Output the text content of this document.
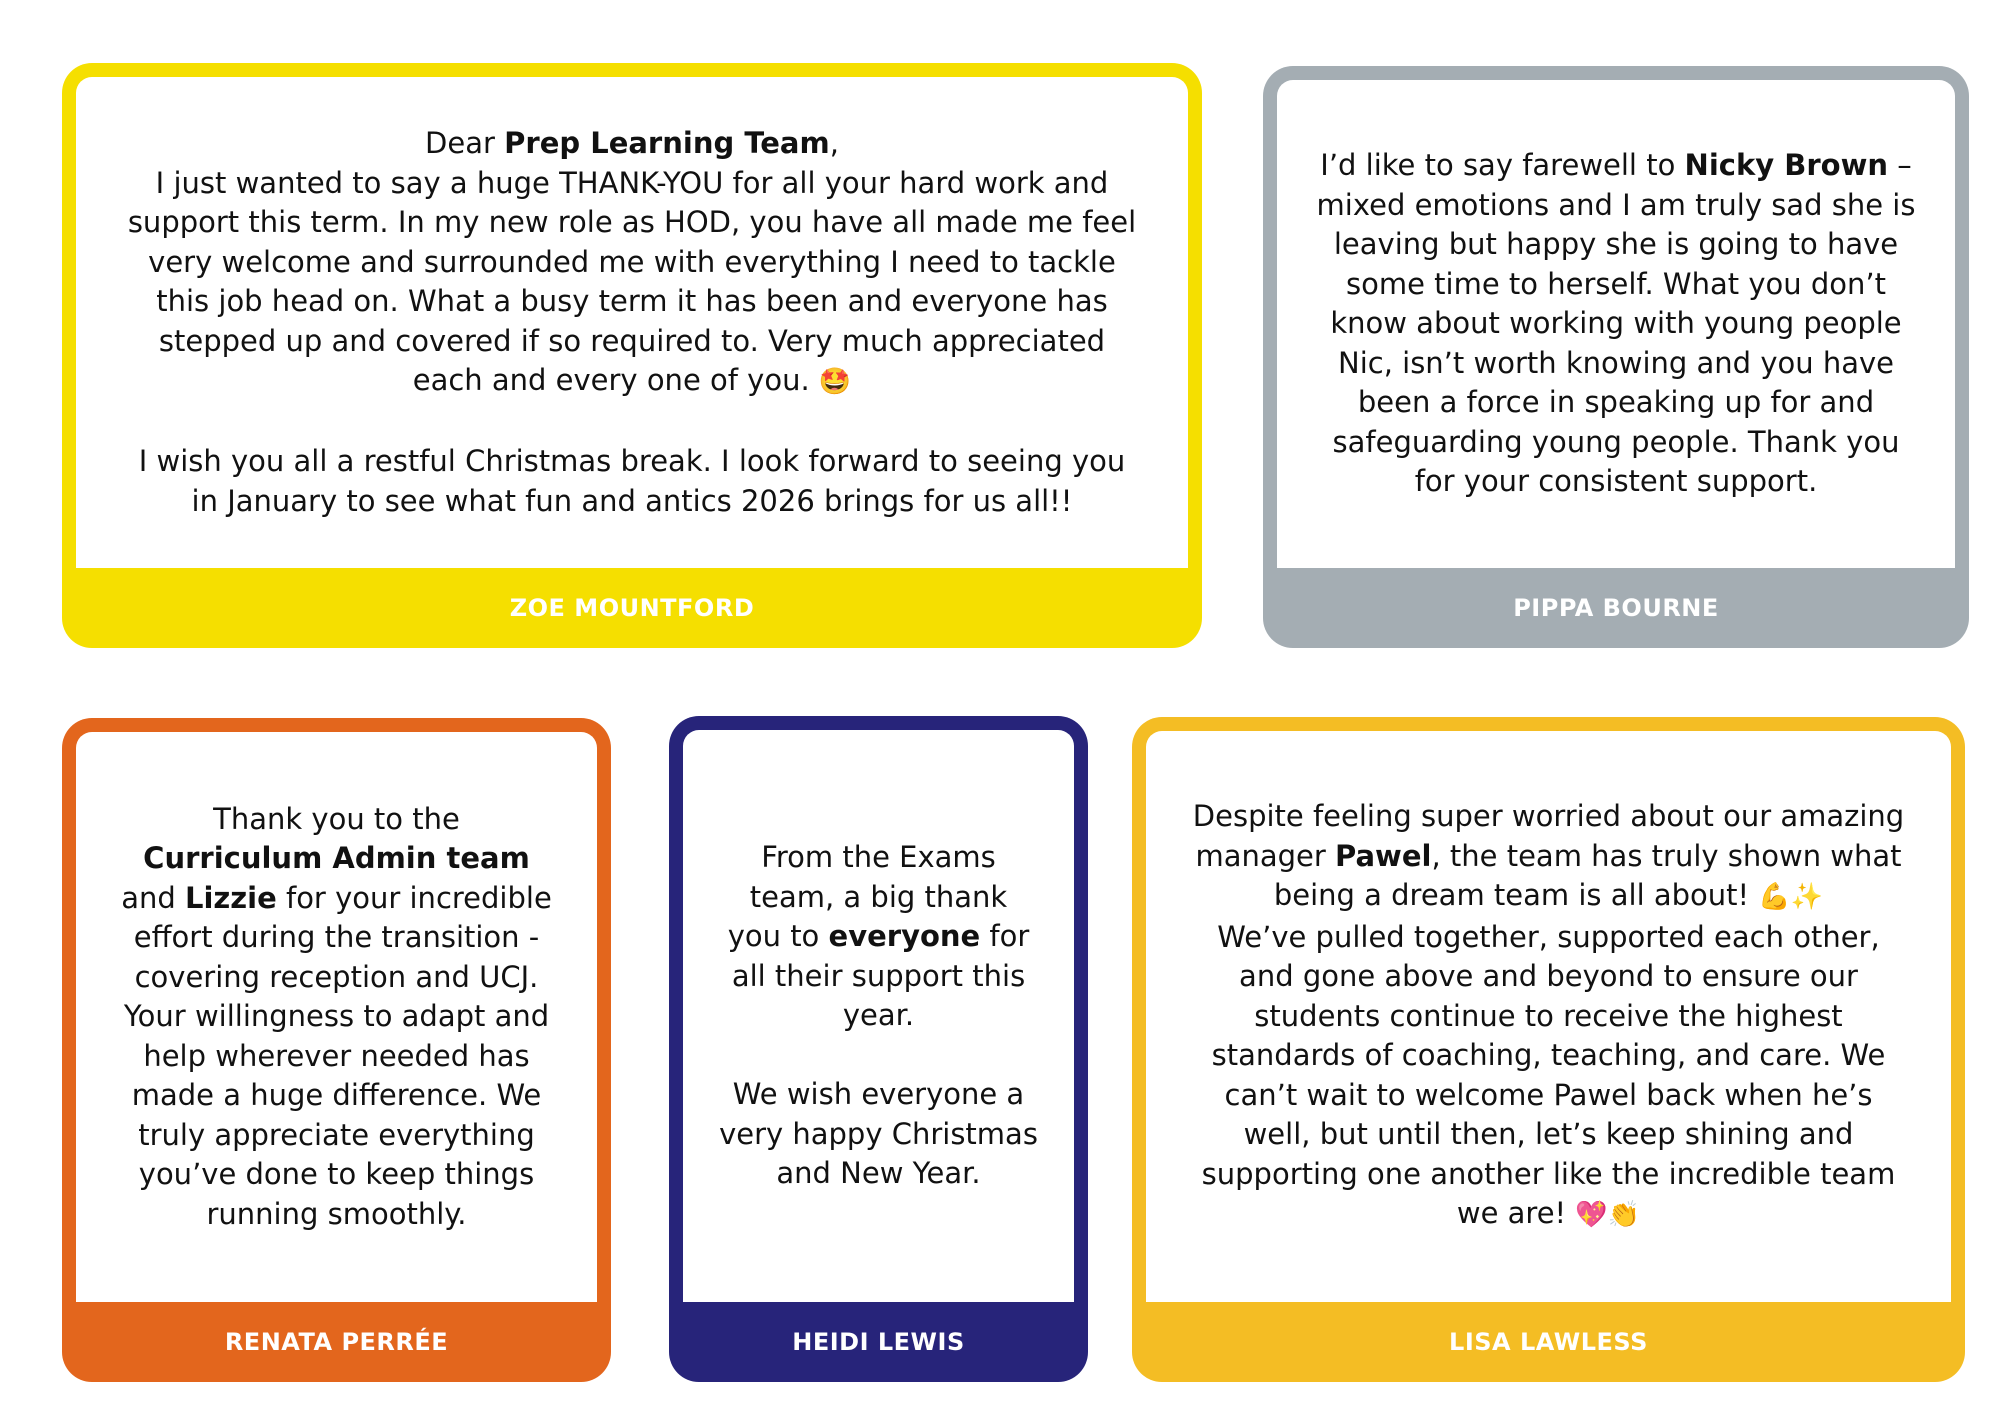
Dear Prep Learning Team,

I just wanted to say a huge THANK-YOU for all your hard work and support this term. In my new role as HOD, you have all made me feel very welcome and surrounded me with everything I need to tackle this job head on. What a busy term it has been and everyone has stepped up and covered if so required to. Very much appreciated each and every one of you. 🤩

I wish you all a restful Christmas break. I look forward to seeing you in January to see what fun and antics 2026 brings for us all!!

ZOE MOUNTFORD

I’d like to say farewell to Nicky Brown – mixed emotions and I am truly sad she is leaving but happy she is going to have some time to herself. What you don’t know about working with young people Nic, isn’t worth knowing and you have been a force in speaking up for and safeguarding young people. Thank you for your consistent support.

PIPPA BOURNE

Thank you to the Curriculum Admin team and Lizzie for your incredible effort during the transition - covering reception and UCJ. Your willingness to adapt and help wherever needed has made a huge difference. We truly appreciate everything you’ve done to keep things running smoothly.

RENATA PERRÉE

From the Exams team, a big thank you to everyone for all their support this year.

We wish everyone a very happy Christmas and New Year.

HEIDI LEWIS

Despite feeling super worried about our amazing manager Pawel, the team has truly shown what being a dream team is all about! 💪✨

We’ve pulled together, supported each other, and gone above and beyond to ensure our students continue to receive the highest standards of coaching, teaching, and care. We can’t wait to welcome Pawel back when he’s well, but until then, let’s keep shining and supporting one another like the incredible team we are! 💖👏

LISA LAWLESS
